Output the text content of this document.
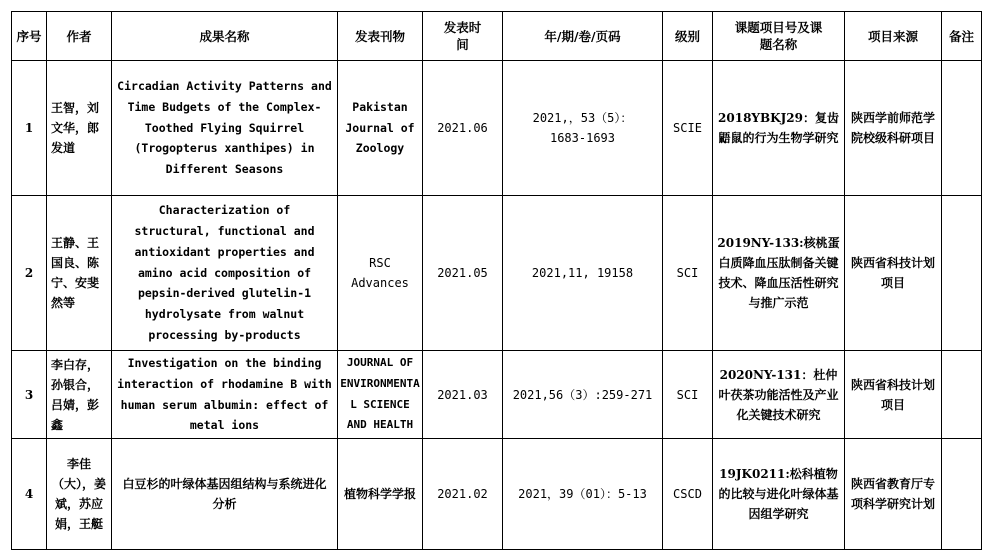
序号	作者	成果名称	发表刊物	发表时间	年/期/卷/页码	级别	课题项目号及课题名称	项目来源	备注
1	王智，刘文华，郎发道	Circadian Activity Patterns and Time Budgets of the Complex-Toothed Flying Squirrel (Trogopterus xanthipes) in Different Seasons	Pakistan Journal of Zoology	2021.06	2021,，53（5）：1683-1693	SCIE	2018YBKJ29：复齿鼯鼠的行为生物学研究	陕西学前师范学院校级科研项目	
2	王静、王国良、陈宁、安斐然等	Characterization of structural, functional and antioxidant properties and amino acid composition of pepsin-derived glutelin-1 hydrolysate from walnut processing by-products	RSC Advances	2021.05	2021,11, 19158	SCI	2019NY-133:核桃蛋白质降血压肽制备关键技术、降血压活性研究与推广示范	陕西省科技计划项目	
3	李白存，孙银合，吕婧，彭鑫	Investigation on the binding interaction of rhodamine B with human serum albumin: effect of metal ions	JOURNAL OF ENVIRONMENTAL SCIENCE AND HEALTH	2021.03	2021,56（3）:259-271	SCI	2020NY-131：杜仲叶茯茶功能活性及产业化关键技术研究	陕西省科技计划项目	
4	李佳（大），姜斌，苏应娟，王艇	白豆杉的叶绿体基因组结构与系统进化分析	植物科学学报	2021.02	2021，39（01）：5-13	CSCD	19JK0211:松科植物的比较与进化叶绿体基因组学研究	陕西省教育厅专项科学研究计划	
